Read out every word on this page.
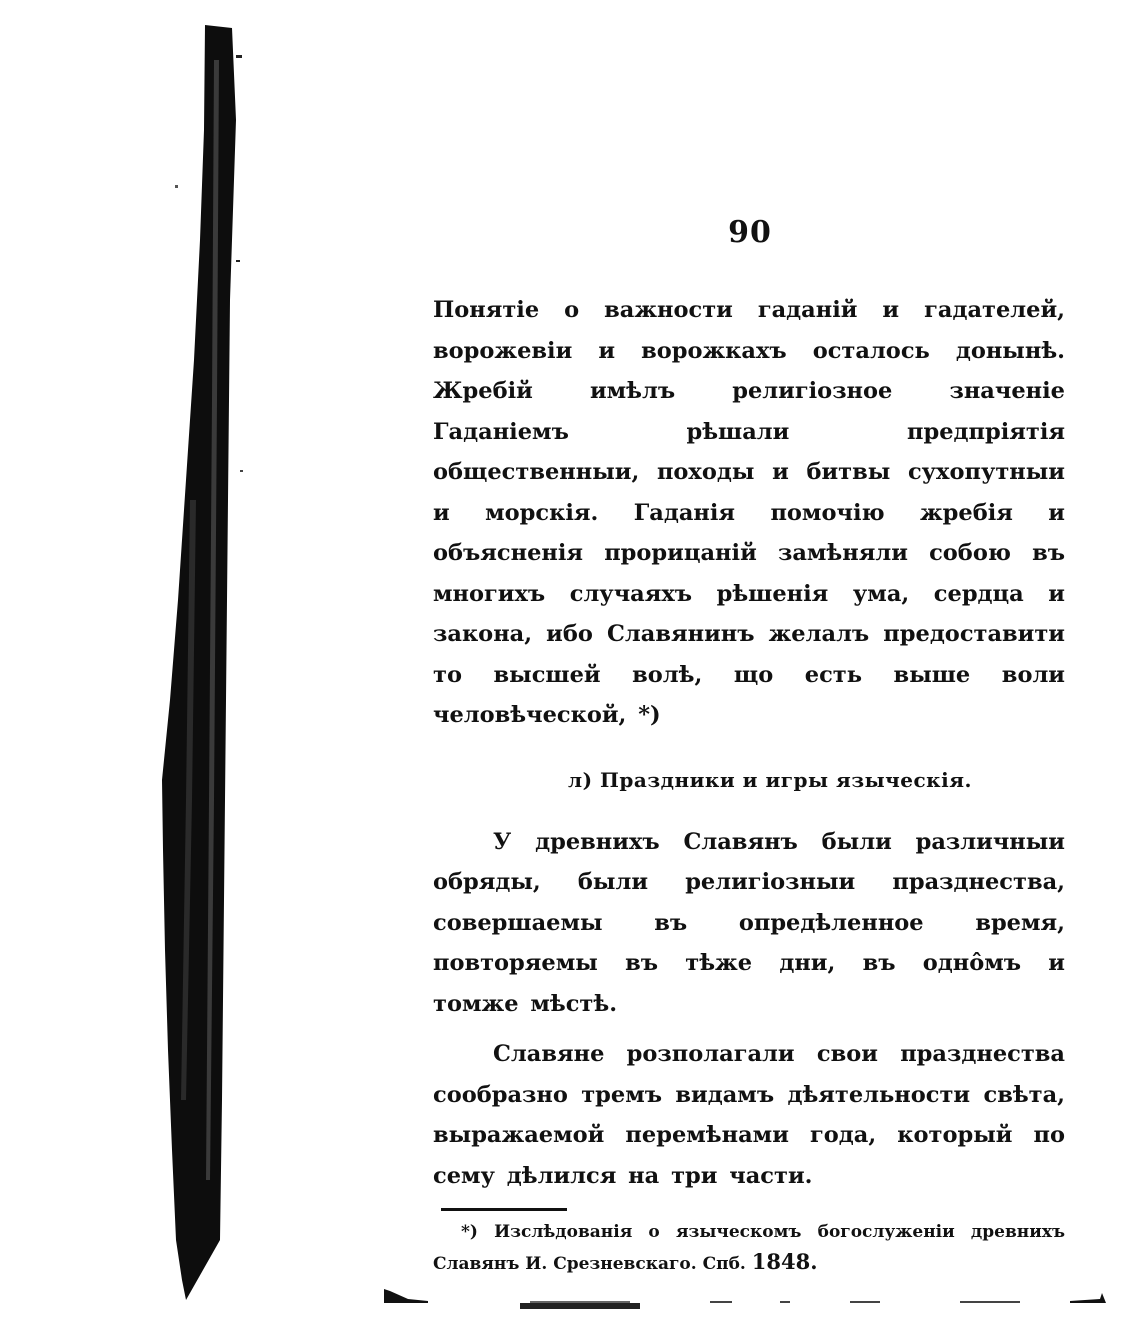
90

Понятіе о важности гаданій и гадателей, ворожевіи и ворожкахъ осталось донынѣ. Жребій имѣлъ религіозное значеніе Гаданіемъ рѣшали предпріятія общественныи, походы и битвы сухопутныи и морскія. Гаданія помочію жребія и объясненія прорицаній замѣняли собою въ многихъ случаяхъ рѣшенія ума, сердца и закона, ибо Славянинъ желалъ предоставити то высшей волѣ, що есть выше воли человѣческой, *)

л) Праздники и игры языческія.

У древнихъ Славянъ были различныи обряды, были религіозныи празднества, совершаемы въ опредѣленное время, повторяемы въ тѣже дни, въ однôмъ и томже мѣстѣ.

Славяне розполагали свои празднества сообразно тремъ видамъ дѣятельности свѣта, выражаемой перемѣнами года, который по сему дѣлился на три части.

*) Изслѣдованія о языческомъ богослуженіи древнихъ Славянъ И. Срезневскаго. Спб. 1848.
